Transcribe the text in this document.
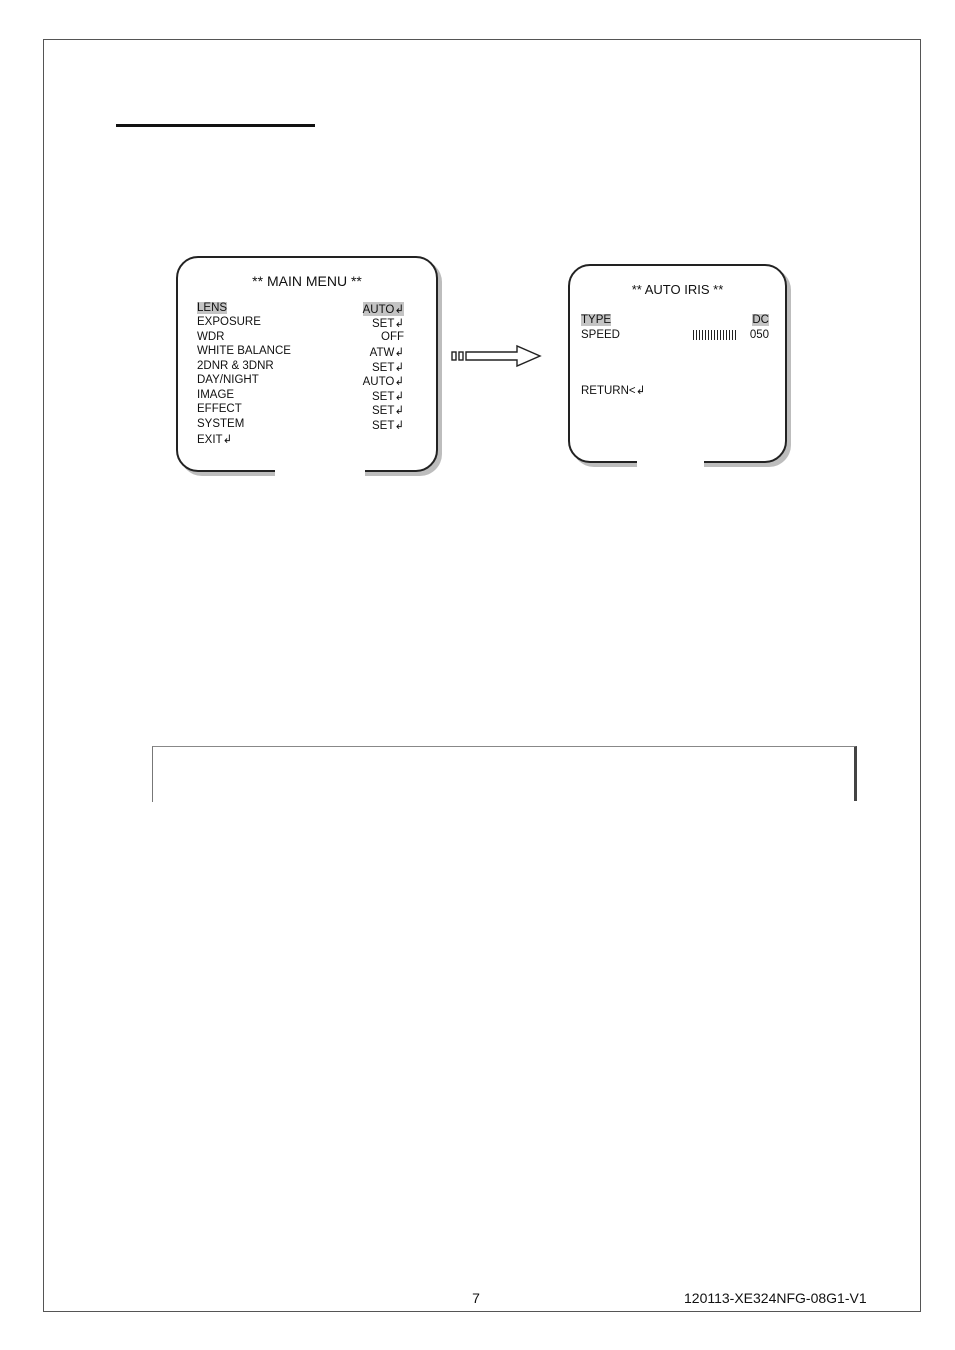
** MAIN MENU **
LENS	AUTO↲
EXPOSURE	SET↲
WDR	OFF
WHITE BALANCE	ATW↲
2DNR & 3DNR	SET↲
DAY/NIGHT	AUTO↲
IMAGE	SET↲
EFFECT	SET↲
SYSTEM	SET↲
EXIT↲
** AUTO IRIS **
TYPE	DC
SPEED	050
RETURN<↲
7	120113-XE324NFG-08G1-V1
